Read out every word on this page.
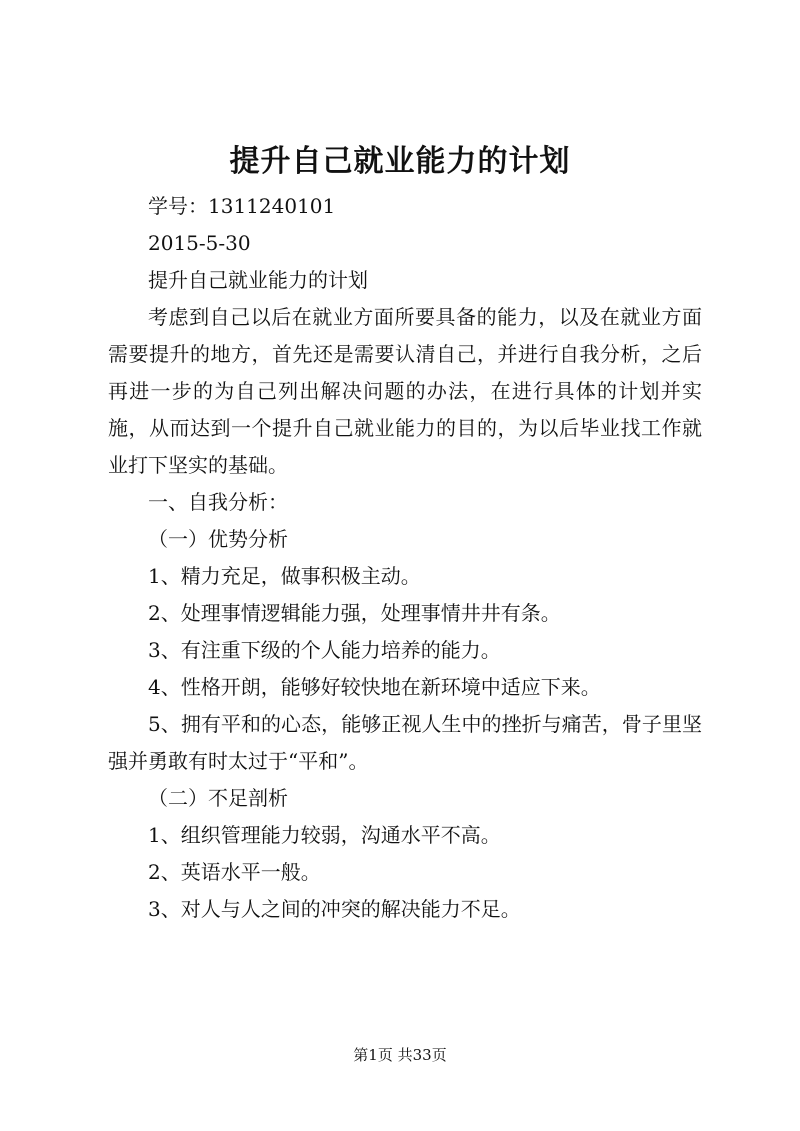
提升自己就业能力的计划

学号：1311240101

2015-5-30

提升自己就业能力的计划

考虑到自己以后在就业方面所要具备的能力，以及在就业方面需要提升的地方，首先还是需要认清自己，并进行自我分析，之后再进一步的为自己列出解决问题的办法，在进行具体的计划并实施，从而达到一个提升自己就业能力的目的，为以后毕业找工作就业打下坚实的基础。

一、自我分析：

（一）优势分析

1、精力充足，做事积极主动。

2、处理事情逻辑能力强，处理事情井井有条。

3、有注重下级的个人能力培养的能力。

4、性格开朗，能够好较快地在新环境中适应下来。

5、拥有平和的心态，能够正视人生中的挫折与痛苦，骨子里坚强并勇敢有时太过于“平和”。

（二）不足剖析

1、组织管理能力较弱，沟通水平不高。

2、英语水平一般。

3、对人与人之间的冲突的解决能力不足。

第1页 共33页
